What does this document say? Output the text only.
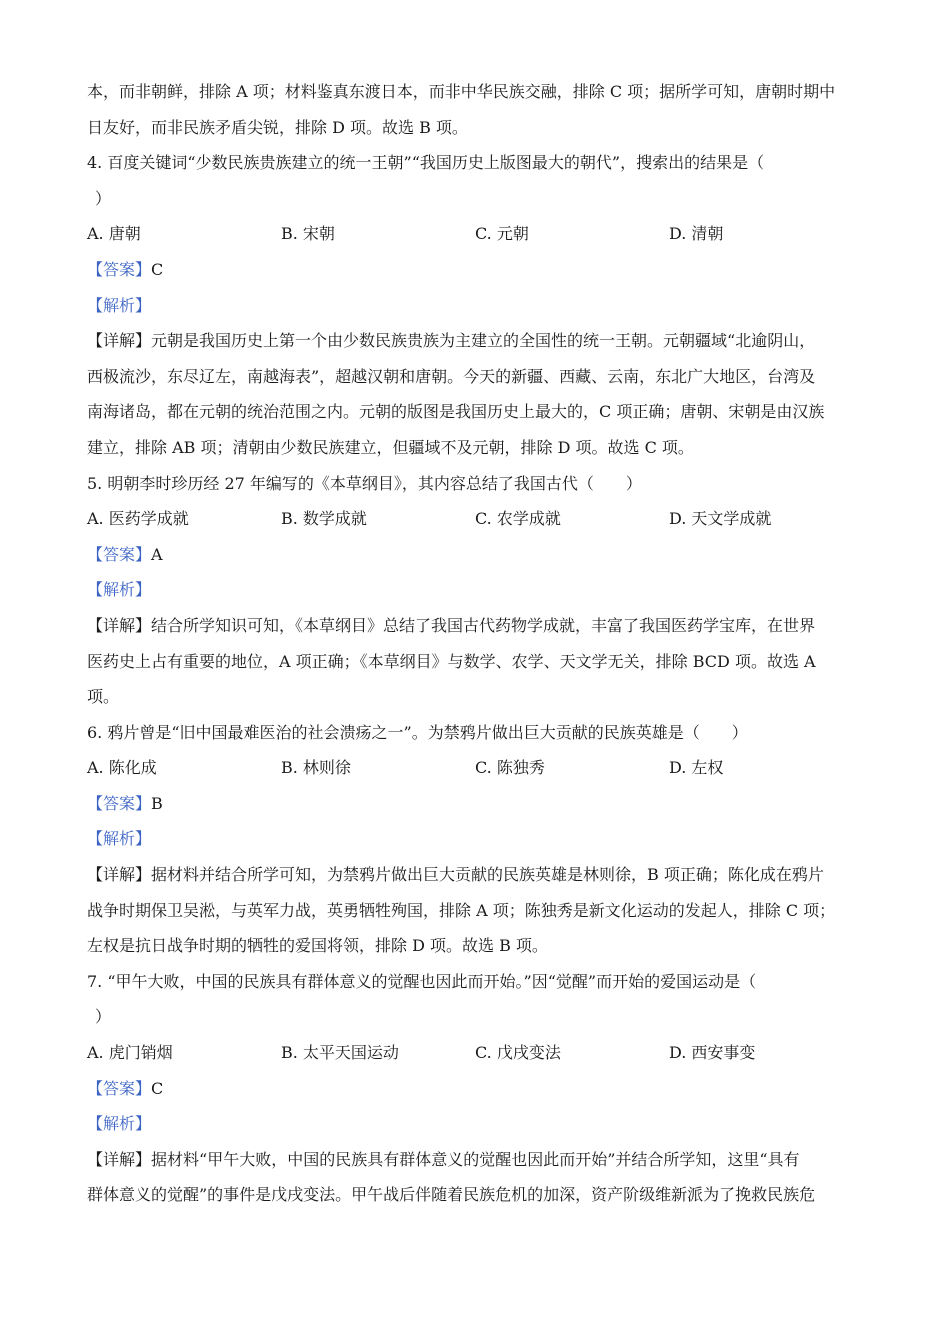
本，而非朝鲜，排除 A 项；材料鉴真东渡日本，而非中华民族交融，排除 C 项；据所学可知，唐朝时期中
日友好，而非民族矛盾尖锐，排除 D 项。故选 B 项。
4. 百度关键词“少数民族贵族建立的统一王朝”“我国历史上版图最大的朝代”，搜索出的结果是（
）
A. 唐朝	B. 宋朝	C. 元朝	D. 清朝
【答案】C
【解析】
【详解】元朝是我国历史上第一个由少数民族贵族为主建立的全国性的统一王朝。元朝疆域“北逾阴山，
西极流沙，东尽辽左，南越海表”，超越汉朝和唐朝。今天的新疆、西藏、云南，东北广大地区，台湾及
南海诸岛，都在元朝的统治范围之内。元朝的版图是我国历史上最大的，C 项正确；唐朝、宋朝是由汉族
建立，排除 AB 项；清朝由少数民族建立，但疆域不及元朝，排除 D 项。故选 C 项。
5. 明朝李时珍历经 27 年编写的《本草纲目》，其内容总结了我国古代（　　）
A. 医药学成就	B. 数学成就	C. 农学成就	D. 天文学成就
【答案】A
【解析】
【详解】结合所学知识可知，《本草纲目》总结了我国古代药物学成就，丰富了我国医药学宝库，在世界
医药史上占有重要的地位，A 项正确；《本草纲目》与数学、农学、天文学无关，排除 BCD 项。故选 A
项。
6. 鸦片曾是“旧中国最难医治的社会溃疡之一”。为禁鸦片做出巨大贡献的民族英雄是（　　）
A. 陈化成	B. 林则徐	C. 陈独秀	D. 左权
【答案】B
【解析】
【详解】据材料并结合所学可知，为禁鸦片做出巨大贡献的民族英雄是林则徐，B 项正确；陈化成在鸦片
战争时期保卫吴淞，与英军力战，英勇牺牲殉国，排除 A 项；陈独秀是新文化运动的发起人，排除 C 项；
左权是抗日战争时期的牺牲的爱国将领，排除 D 项。故选 B 项。
7. “甲午大败，中国的民族具有群体意义的觉醒也因此而开始。”因“觉醒”而开始的爱国运动是（
）
A. 虎门销烟	B. 太平天国运动	C. 戊戌变法	D. 西安事变
【答案】C
【解析】
【详解】据材料“甲午大败，中国的民族具有群体意义的觉醒也因此而开始”并结合所学知，这里“具有
群体意义的觉醒”的事件是戊戌变法。甲午战后伴随着民族危机的加深，资产阶级维新派为了挽救民族危
